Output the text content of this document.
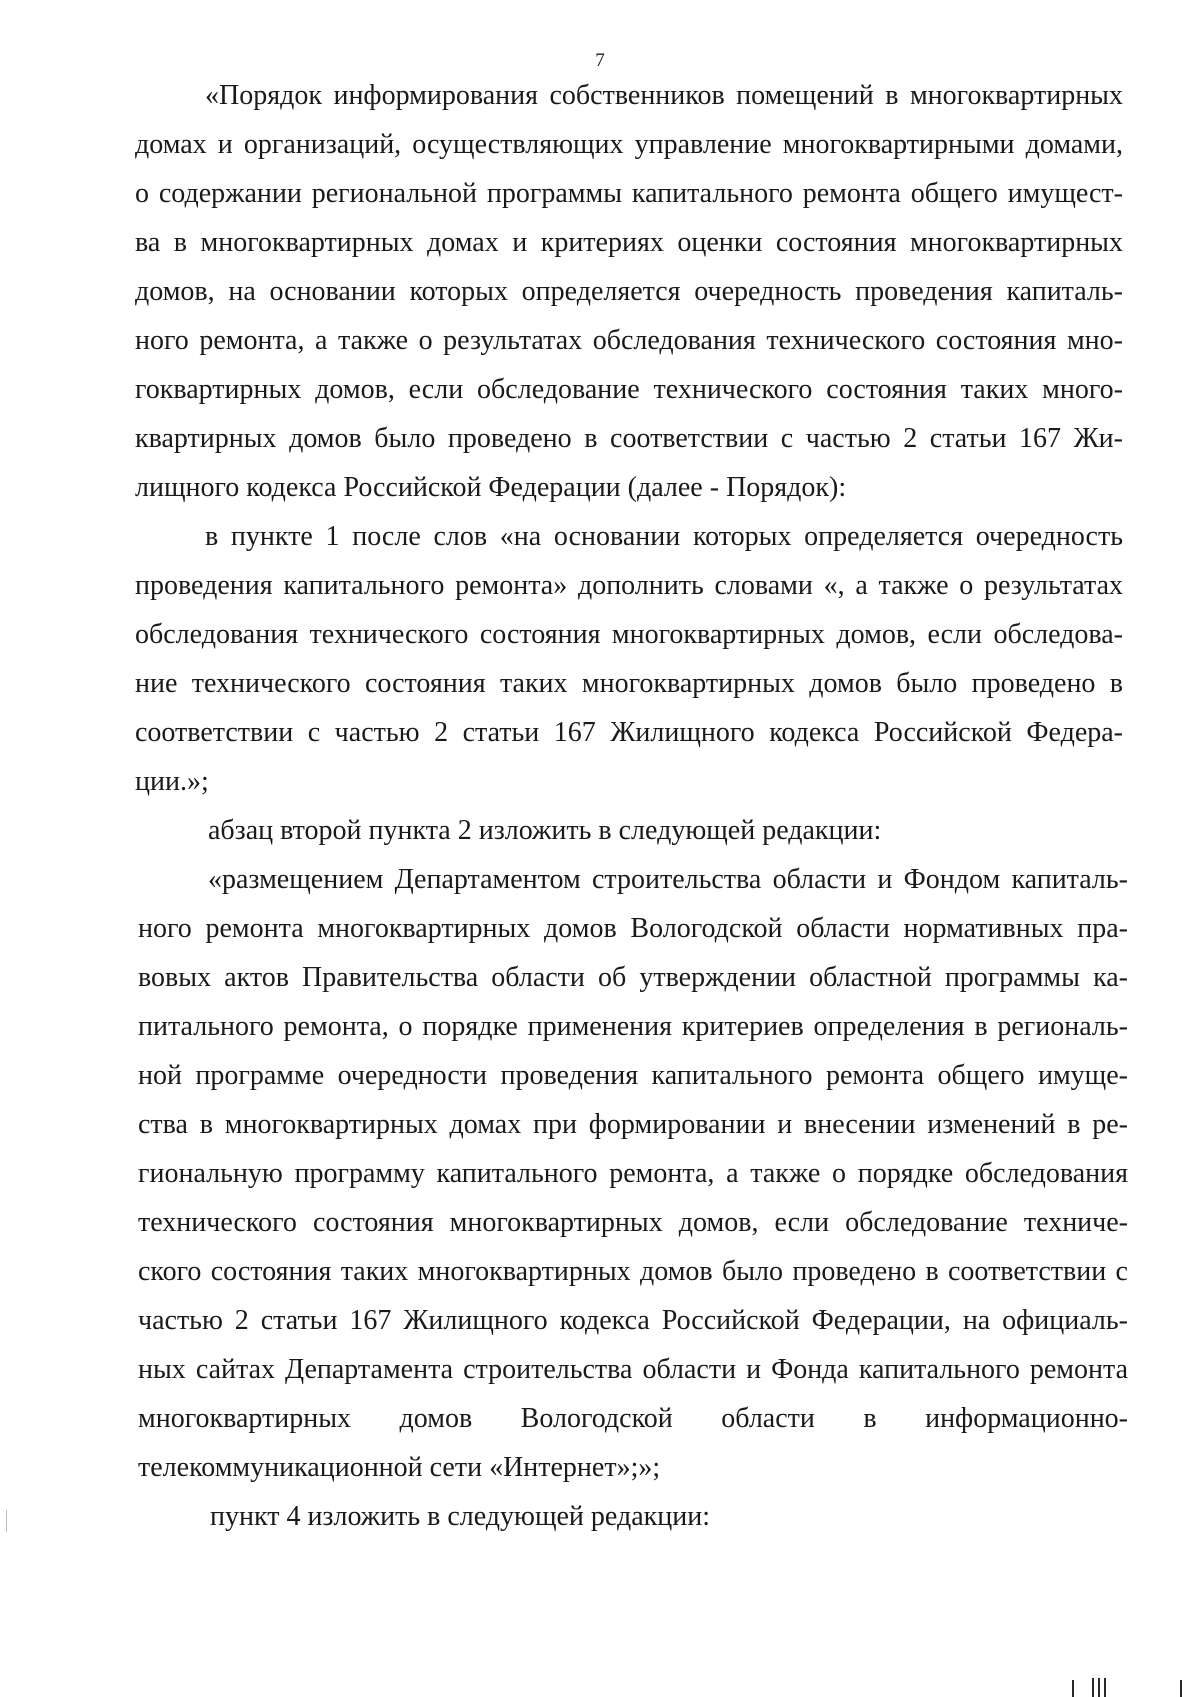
7
«Порядок информирования собственников помещений в многоквартирных
домах и организаций, осуществляющих управление многоквартирными домами,
о содержании региональной программы капитального ремонта общего имущест-
ва в многоквартирных домах и критериях оценки состояния многоквартирных
домов, на основании которых определяется очередность проведения капиталь-
ного ремонта, а также о результатах обследования технического состояния мно-
гоквартирных домов, если обследование технического состояния таких много-
квартирных домов было проведено в соответствии с частью 2 статьи 167 Жи-
лищного кодекса Российской Федерации (далее - Порядок):
в пункте 1 после слов «на основании которых определяется очередность
проведения капитального ремонта» дополнить словами «, а также о результатах
обследования технического состояния многоквартирных домов, если обследова-
ние технического состояния таких многоквартирных домов было проведено в
соответствии с частью 2 статьи 167 Жилищного кодекса Российской Федера-
ции.»;
абзац второй пункта 2 изложить в следующей редакции:
«размещением Департаментом строительства области и Фондом капиталь-
ного ремонта многоквартирных домов Вологодской области нормативных пра-
вовых актов Правительства области об утверждении областной программы ка-
питального ремонта, о порядке применения критериев определения в региональ-
ной программе очередности проведения капитального ремонта общего имуще-
ства в многоквартирных домах при формировании и внесении изменений в ре-
гиональную программу капитального ремонта, а также о порядке обследования
технического состояния многоквартирных домов, если обследование техниче-
ского состояния таких многоквартирных домов было проведено в соответствии с
частью 2 статьи 167 Жилищного кодекса Российской Федерации, на официаль-
ных сайтах Департамента строительства области и Фонда капитального ремонта
многоквартирных домов Вологодской области в информационно-
телекоммуникационной сети «Интернет»;»;
пункт 4 изложить в следующей редакции:
